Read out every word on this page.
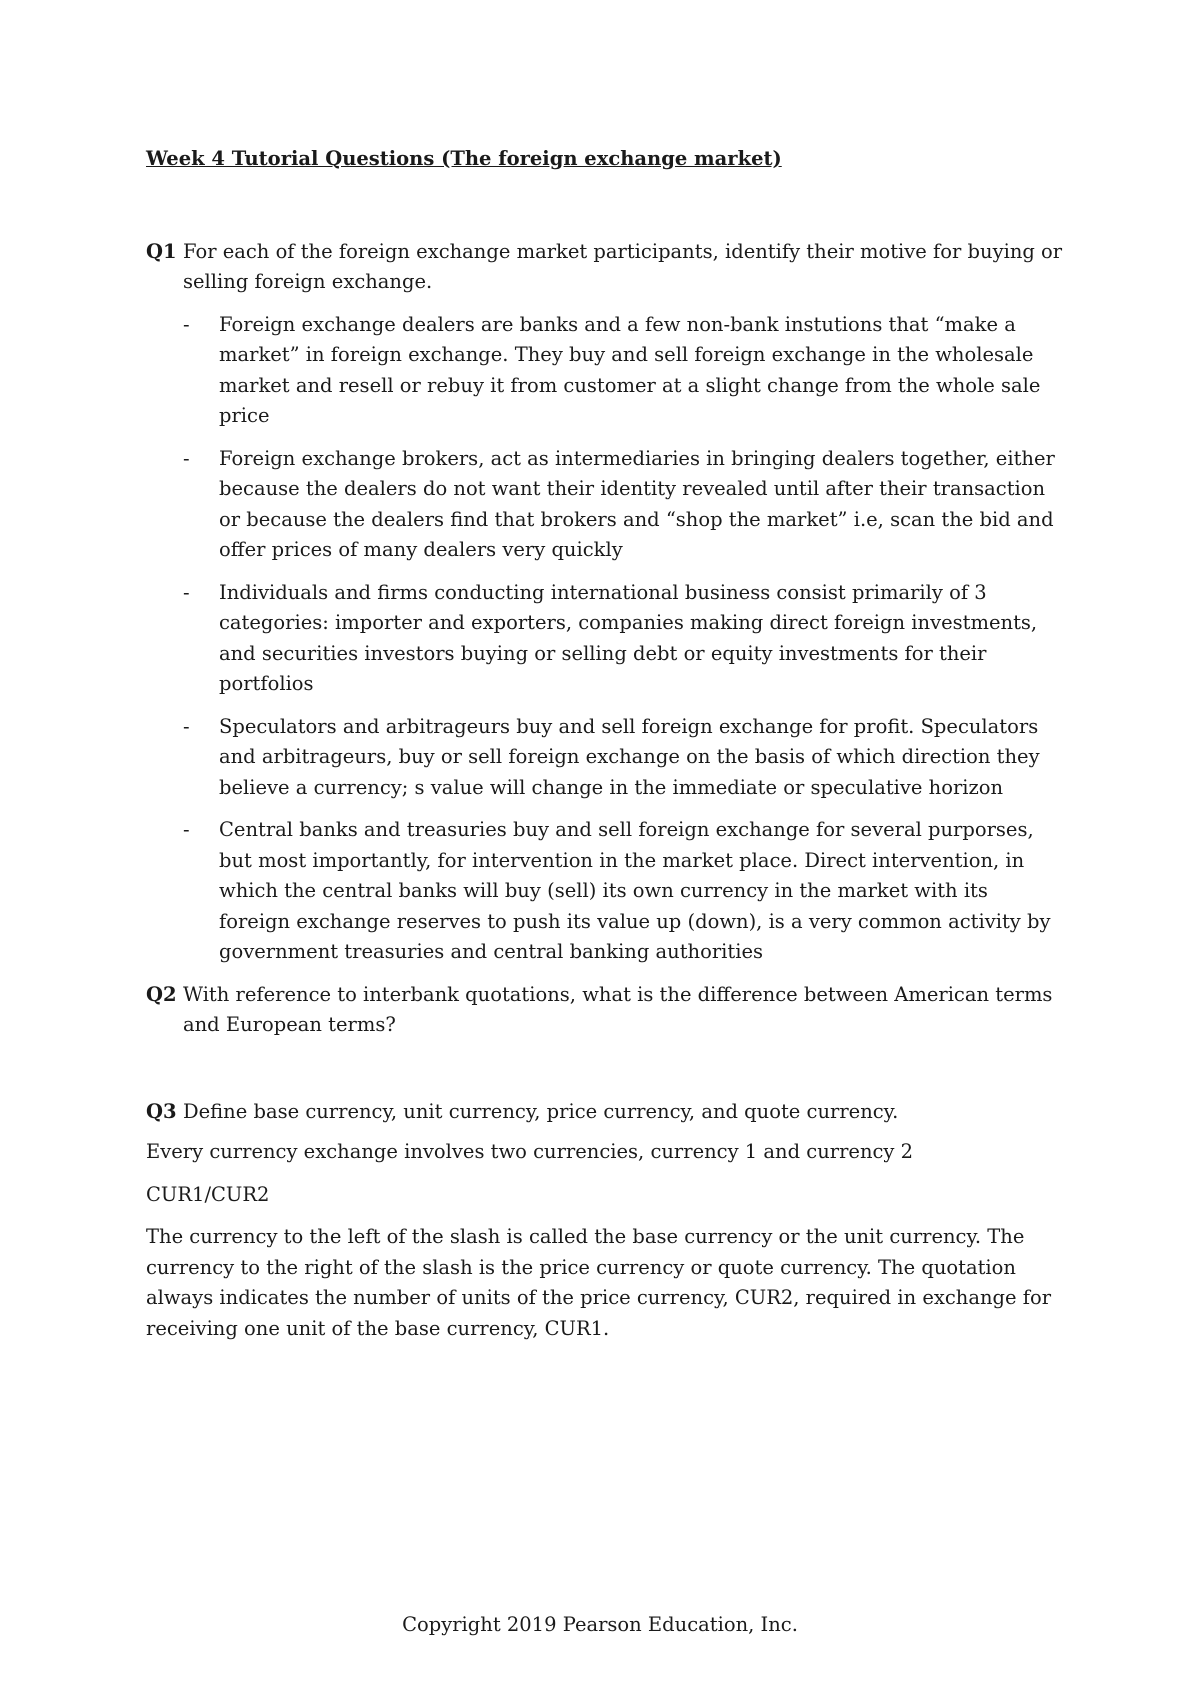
Week 4 Tutorial Questions (The foreign exchange market)

Q1 For each of the foreign exchange market participants, identify their motive for buying or selling foreign exchange.

- Foreign exchange dealers are banks and a few non-bank instutions that “make a market” in foreign exchange. They buy and sell foreign exchange in the wholesale market and resell or rebuy it from customer at a slight change from the whole sale price
- Foreign exchange brokers, act as intermediaries in bringing dealers together, either because the dealers do not want their identity revealed until after their transaction or because the dealers find that brokers and “shop the market” i.e, scan the bid and offer prices of many dealers very quickly
- Individuals and firms conducting international business consist primarily of 3 categories: importer and exporters, companies making direct foreign investments, and securities investors buying or selling debt or equity investments for their portfolios
- Speculators and arbitrageurs buy and sell foreign exchange for profit. Speculators and arbitrageurs, buy or sell foreign exchange on the basis of which direction they believe a currency; s value will change in the immediate or speculative horizon
- Central banks and treasuries buy and sell foreign exchange for several purporses, but most importantly, for intervention in the market place. Direct intervention, in which the central banks will buy (sell) its own currency in the market with its foreign exchange reserves to push its value up (down), is a very common activity by government treasuries and central banking authorities

Q2 With reference to interbank quotations, what is the difference between American terms and European terms?

Q3 Define base currency, unit currency, price currency, and quote currency.

Every currency exchange involves two currencies, currency 1 and currency 2

CUR1/CUR2

The currency to the left of the slash is called the base currency or the unit currency. The currency to the right of the slash is the price currency or quote currency. The quotation always indicates the number of units of the price currency, CUR2, required in exchange for receiving one unit of the base currency, CUR1.

Copyright 2019 Pearson Education, Inc.
